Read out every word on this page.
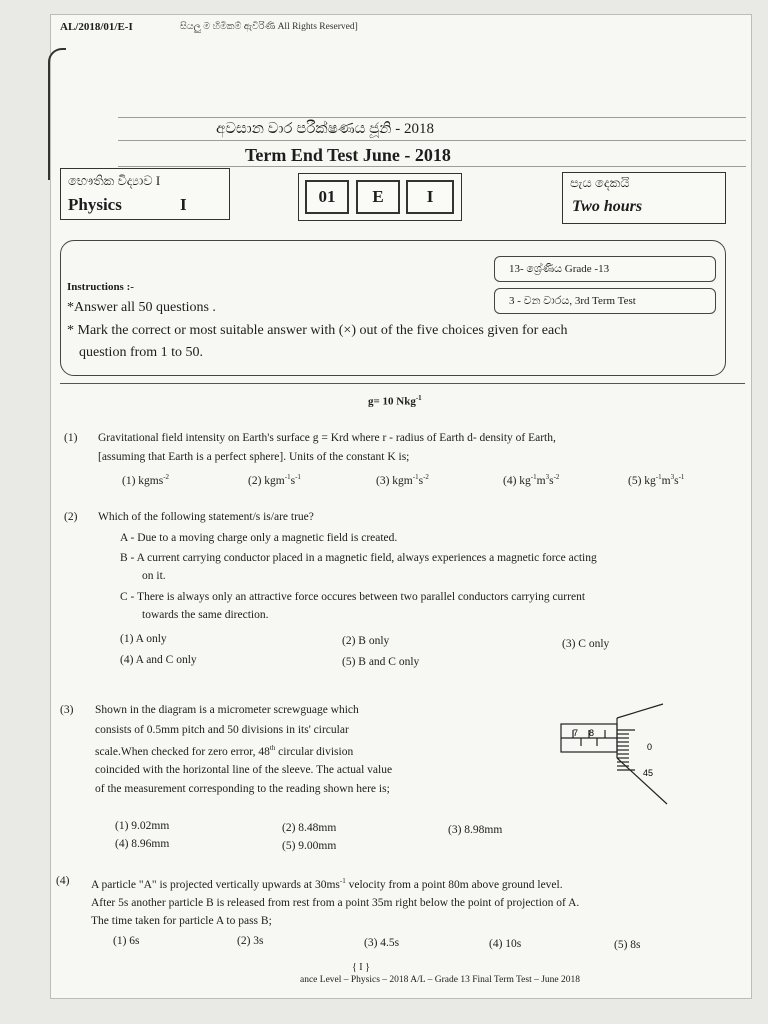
AL/2018/01/E-I	සියලු ම හිමිකම් ඇවිරිණි All Rights Reserved]
අවසාන වාර පරීක්ෂණය ජූනි - 2018
Term End Test June - 2018
භෞතික විද්‍යාව I
Physics	I	01	E	I
පැය දෙකයි
Two hours
13- ශ්‍රේණිය Grade -13
3 - වන වාරය, 3rd Term Test
Instructions :-
*Answer all 50 questions .
* Mark the correct or most suitable answer with (×) out of the five choices given for each
question from 1 to 50.
g= 10 Nkg$^{-1}$
(1) Gravitational field intensity on Earth's surface g = Krd where r - radius of Earth d- density of Earth,
[assuming that Earth is a perfect sphere]. Units of the constant K is;
(1) kgms$^{-2}$	(2) $kgm^{-1}s^{-1}$	(3) $kgm^{-1}s^{-2}$	(4) $kg^{-1}m^3s^{-2}$	(5) $kg^{-1}m^3s^{-1}$
(2) Which of the following statement/s is/are true?
A - Due to a moving charge only a magnetic field is created.
B - A current carrying conductor placed in a magnetic field, always experiences a magnetic force acting
on it.
C - There is always only an attractive force occures between two parallel conductors carrying current
towards the same direction.
(1) A only	(2) B only	(3) C only
(4) A and C only	(5) B and C only
(3) Shown in the diagram is a micrometer screwguage which
consists of 0.5mm pitch and 50 divisions in its' circular
scale.When checked for zero error, 48th circular division
coincided with the horizontal line of the sleeve. The actual value
of the measurement corresponding to the reading shown here is;
7 8
0
45
(1) 9.02mm	(2) 8.48mm	(3) 8.98mm
(4) 8.96mm	(5) 9.00mm
(4) A particle "A" is projected vertically upwards at $30ms^{-1}$ velocity from a point 80m above ground level.
After 5s another particle B is released from rest from a point 35m right below the point of projection of A.
The time taken for particle A to pass B;
(1) 6s	(2) 3s	(3) 4.5s	(4) 10s	(5) 8s
{ I }
ance Level – Physics – 2018 A/L – Grade 13 Final Term Test – June 2018
